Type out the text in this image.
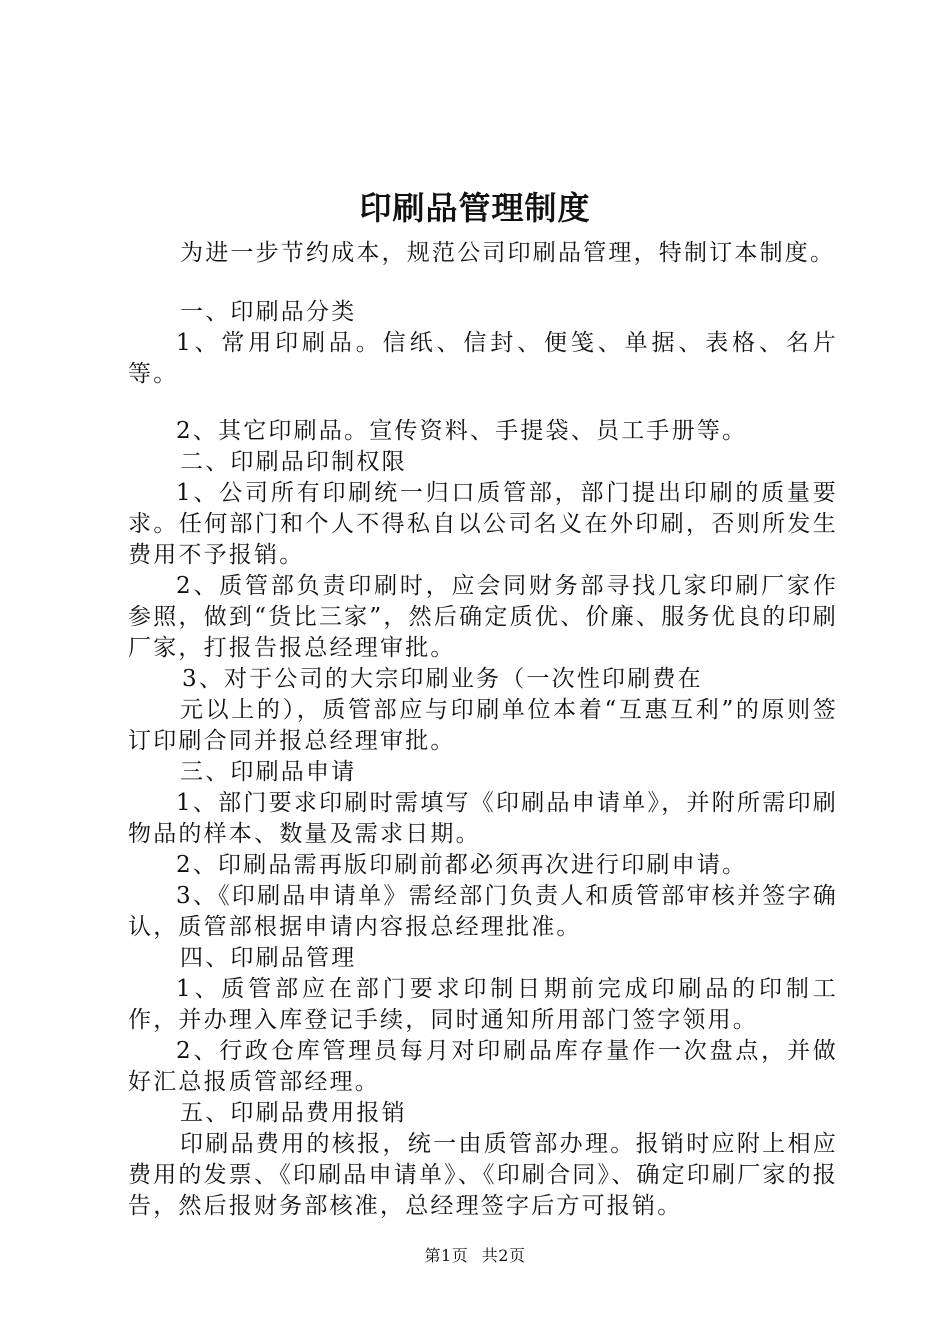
印刷品管理制度

为进一步节约成本，规范公司印刷品管理，特制订本制度。

一、印刷品分类

1、常用印刷品。信纸、信封、便笺、单据、表格、名片等。

2、其它印刷品。宣传资料、手提袋、员工手册等。

二、印刷品印制权限

1、公司所有印刷统一归口质管部，部门提出印刷的质量要求。任何部门和个人不得私自以公司名义在外印刷，否则所发生费用不予报销。

2、质管部负责印刷时，应会同财务部寻找几家印刷厂家作参照，做到“货比三家”，然后确定质优、价廉、服务优良的印刷厂家，打报告报总经理审批。

3、对于公司的大宗印刷业务（一次性印刷费在

元以上的），质管部应与印刷单位本着“互惠互利”的原则签订印刷合同并报总经理审批。

三、印刷品申请

1、部门要求印刷时需填写《印刷品申请单》，并附所需印刷物品的样本、数量及需求日期。

2、印刷品需再版印刷前都必须再次进行印刷申请。

3、《印刷品申请单》需经部门负责人和质管部审核并签字确认，质管部根据申请内容报总经理批准。

四、印刷品管理

1、质管部应在部门要求印制日期前完成印刷品的印制工作，并办理入库登记手续，同时通知所用部门签字领用。

2、行政仓库管理员每月对印刷品库存量作一次盘点，并做好汇总报质管部经理。

五、印刷品费用报销

印刷品费用的核报，统一由质管部办理。报销时应附上相应费用的发票、《印刷品申请单》、《印刷合同》、确定印刷厂家的报告，然后报财务部核准，总经理签字后方可报销。

第1页 共2页
